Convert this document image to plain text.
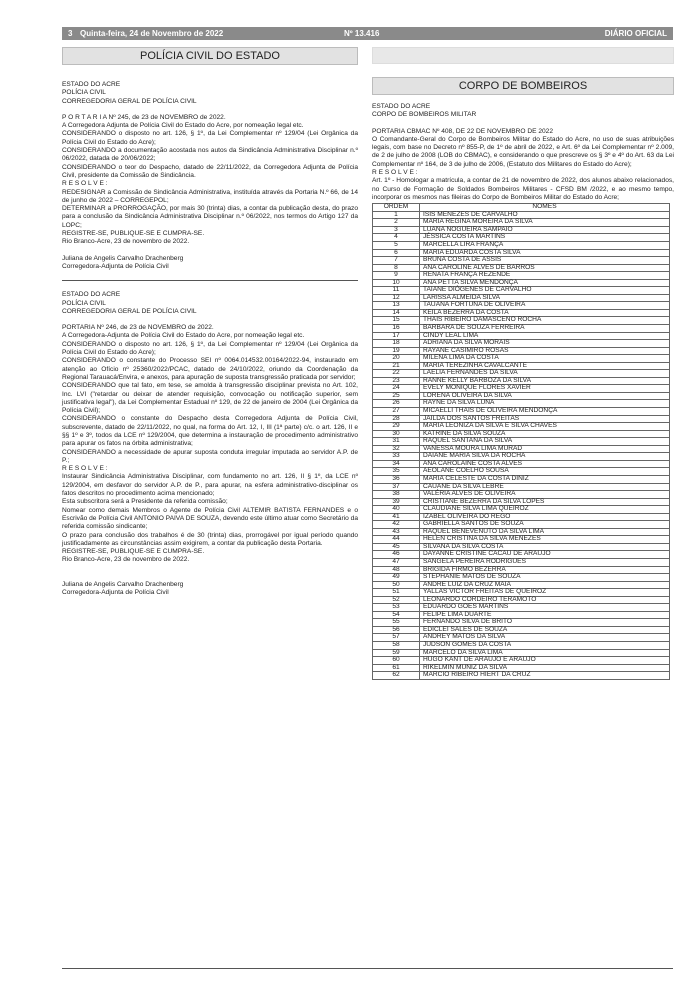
3 Quinta-feira, 24 de Novembro de 2022	Nº 13.416	DIÁRIO OFICIAL
POLÍCIA CIVIL DO ESTADO

ESTADO DO ACRE

POLÍCIA CIVIL

CORREGEDORIA GERAL DE POLÍCIA CIVIL

P O R T A R I A Nº 245, de 23 de NOVEMBRO de 2022.

A Corregedora Adjunta de Polícia Civil do Estado do Acre, por nomeação legal etc.

CONSIDERANDO o disposto no art. 126, § 1º, da Lei Complementar nº 129/04 (Lei Orgânica da Polícia Civil do Estado do Acre);

CONSIDERANDO a documentação acostada nos autos da Sindicância Administrativa Disciplinar n.º 06/2022, datada de 20/06/2022;

CONSIDERANDO o teor do Despacho, datado de 22/11/2022, da Corregedora Adjunta de Polícia Civil, presidente da Comissão de Sindicância.

R E S O L V E :

REDESIGNAR a Comissão de Sindicância Administrativa, instituída através da Portaria N.º 66, de 14 de junho de 2022 – CORREGEPOL;

DETERMINAR a PRORROGAÇÃO, por mais 30 (trinta) dias, a contar da publicação desta, do prazo para a conclusão da Sindicância Administrativa Disciplinar n.º 06/2022, nos termos do Artigo 127 da LOPC;

REGISTRE-SE, PUBLIQUE-SE E CUMPRA-SE.

Rio Branco-Acre, 23 de novembro de 2022.

Juliana de Angelis Carvalho Drachenberg

Corregedora-Adjunta de Polícia Civil

ESTADO DO ACRE

POLÍCIA CIVIL

CORREGEDORIA GERAL DE POLÍCIA CIVIL

PORTARIA Nº 246, de 23 de NOVEMBRO de 2022.

A Corregedora-Adjunta de Polícia Civil do Estado do Acre, por nomeação legal etc.

CONSIDERANDO o disposto no art. 126, § 1º, da Lei Complementar nº 129/04 (Lei Orgânica da Polícia Civil do Estado do Acre);

CONSIDERANDO o constante do Processo SEI nº 0064.014532.00164/2022-94, instaurado em atenção ao Ofício nº 25360/2022/PCAC, datado de 24/10/2022, oriundo da Coordenação da Regional Tarauacá/Envira, e anexos, para apuração de suposta transgressão praticada por servidor;

CONSIDERANDO que tal fato, em tese, se amolda à transgressão disciplinar prevista no Art. 102, Inc. LVI ("retardar ou deixar de atender requisição, convocação ou notificação superior, sem justificativa legal"), da Lei Complementar Estadual nº 129, de 22 de janeiro de 2004 (Lei Orgânica da Polícia Civil);

CONSIDERANDO o constante do Despacho desta Corregedora Adjunta de Polícia Civil, subscrevente, datado de 22/11/2022, no qual, na forma do Art. 12, I, III (1ª parte) c/c. o art. 126, II e §§ 1º e 3º, todos da LCE nº 129/2004, que determina a instauração de procedimento administrativo para apurar os fatos na órbita administrativa;

CONSIDERANDO a necessidade de apurar suposta conduta irregular imputada ao servidor A.P. de P.;

R E S O L V E :

Instaurar Sindicância Administrativa Disciplinar, com fundamento no art. 126, II § 1º, da LCE nº 129/2004, em desfavor do servidor A.P. de P., para apurar, na esfera administrativo-disciplinar os fatos descritos no procedimento acima mencionado;

Esta subscritora será a Presidente da referida comissão;

Nomear como demais Membros o Agente de Polícia Civil ALTEMIR BATISTA FERNANDES e o Escrivão de Polícia Civil ANTONIO PAIVA DE SOUZA, devendo este último atuar como Secretário da referida comissão sindicante;

O prazo para conclusão dos trabalhos é de 30 (trinta) dias, prorrogável por igual período quando justificadamente as circunstâncias assim exigirem, a contar da publicação desta Portaria.

REGISTRE-SE, PUBLIQUE-SE E CUMPRA-SE.

Rio Branco-Acre, 23 de novembro de 2022.

Juliana de Angelis Carvalho Drachenberg

Corregedora-Adjunta de Polícia Civil

CORPO DE BOMBEIROS

ESTADO DO ACRE

CORPO DE BOMBEIROS MILITAR

PORTARIA CBMAC Nº 408, DE 22 DE NOVEMBRO DE 2022

O Comandante-Geral do Corpo de Bombeiros Militar do Estado do Acre, no uso de suas atribuições legais, com base no Decreto nº 855-P, de 1º de abril de 2022, e Art. 6º da Lei Complementar nº 2.009, de 2 de julho de 2008 (LOB do CBMAC), e considerando o que prescreve os § 3º e 4º do Art. 63 da Lei Complementar nº 164, de 3 de julho de 2006, (Estatuto dos Militares do Estado do Acre);

R E S O L V E :

Art. 1º - Homologar a matrícula, a contar de 21 de novembro de 2022, dos alunos abaixo relacionados, no Curso de Formação de Soldados Bombeiros Militares - CFSD BM /2022, e ao mesmo tempo, incorporar os mesmos nas fileiras do Corpo de Bombeiros Militar do Estado do Acre;

ORDEM	NOMES
1	ISIS MENEZES DE CARVALHO
2	MARIA REGINA MOREIRA DA SILVA
3	LUANA NOGUEIRA SAMPAIO
4	JÉSSICA COSTA MARTINS
5	MARCELLA LIRA FRANÇA
6	MARIA EDUARDA COSTA SILVA
7	BRUNA COSTA DE ASSIS
8	ANA CAROLINE ALVES DE BARROS
9	RENATA FRANÇA REZENDE
10	ANA PETTA SILVA MENDONÇA
11	TAIANE DIÓGENES DE CARVALHO
12	LARISSA ALMEIDA SILVA
13	TAUANA FORTUNA DE OLIVEIRA
14	KEILA BEZERRA DA COSTA
15	THAIS RIBEIRO DAMASCENO ROCHA
16	BARBARA DE SOUZA FERREIRA
17	CINDY LEAL LIMA
18	ADRIANA DA SILVA MORAIS
19	RAYANE CASIMIRO ROSAS
20	MILENA LIMA DA COSTA
21	MARIA TEREZINHA CAVALCANTE
22	LAELIA FERNANDES DA SILVA
23	RANNE KELLY BARBOZA DA SILVA
24	EVELY MONIQUE FLORES XAVIER
25	LORENA OLIVEIRA DA SILVA
26	RAYNE DA SILVA LUNA
27	MICAELLI THAIS DE OLIVEIRA MENDONÇA
28	JAILDA DOS SANTOS FREITAS
29	MARIA LEONIZA DA SILVA E SILVA CHAVES
30	KATRINE DA SILVA SOUZA
31	RAQUEL SANTANA DA SILVA
32	VANESSA MOURA LIMA MURAD
33	DAIANE MARIA SILVA DA ROCHA
34	ANA CAROLAINE COSTA ALVES
35	AEOLANE COELHO SOUSA
36	MARIA CELESTE DA COSTA DINIZ
37	CAUANE DA SILVA LEBRE
38	VALÉRIA ALVES DE OLIVEIRA
39	CRISTIANE BEZERRA DA SILVA LOPES
40	CLAUDIANE SILVA LIMA QUEIROZ
41	IZABEL OLIVEIRA DO REGO
42	GABRIELLA SANTOS DE SOUZA
43	RAQUEL BENEVENUTO DA SILVA LIMA
44	HELEN CRISTINA DA SILVA MENEZES
45	SILVANA DA SILVA COSTA
46	DAYANNE CRISTINE CACAU DE ARAUJO
47	SANGELA PEREIRA RODRIGUES
48	BRIGIDA FIRMO BEZERRA
49	STEPHANIE MATOS DE SOUZA
50	ANDRE LUIZ DA CRUZ MAIA
51	YALLAS VICTOR FREITAS DE QUEIROZ
52	LEONARDO CORDEIRO TERAMOTO
53	EDUARDO GOES MARTINS
54	FELIPE LIMA DUARTE
55	FERNANDO SILVA DE BRITO
56	EDICLEI SALES DE SOUZA
57	ANDREY MATOS DA SILVA
58	JUDSON GOMES DA COSTA
59	MARCELO DA SILVA LIMA
60	HUGO KANT DE ARAUJO E ARAUJO
61	RIKELMIN MUNIZ DA SILVA
62	MARCIO RIBEIRO HIERT DA CRUZ
